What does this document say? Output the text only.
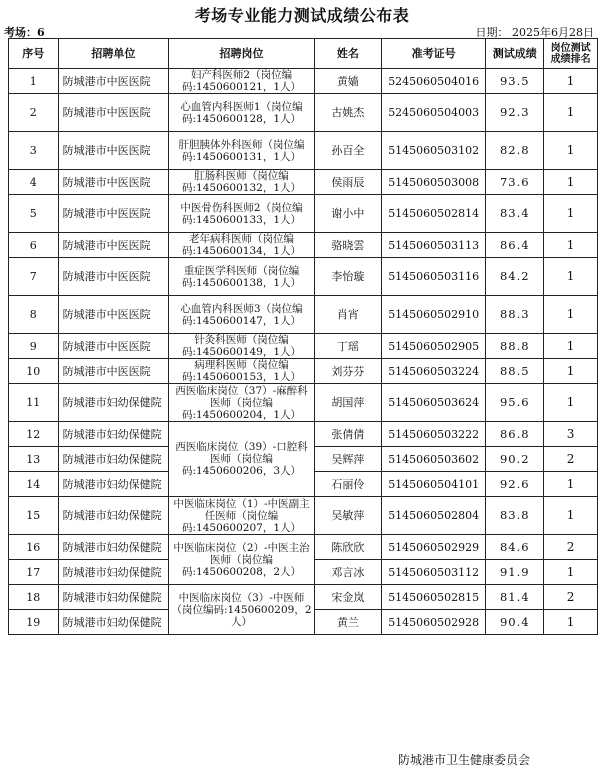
考场专业能力测试成绩公布表
考场：6	日期： 2025年6月28日
序号	招聘单位	招聘岗位	姓名	准考证号	测试成绩	岗位测试成绩排名
1	防城港市中医医院	妇产科医师2（岗位编码:1450600121，1人）	黄嫱	5245060504016	93.5	1
2	防城港市中医医院	心血管内科医师1（岗位编码:1450600128，1人）	古姚杰	5245060504003	92.3	1
3	防城港市中医医院	肝胆胰体外科医师（岗位编码:1450600131，1人）	孙百全	5145060503102	82.8	1
4	防城港市中医医院	肛肠科医师（岗位编码:1450600132，1人）	侯雨辰	5145060503008	73.6	1
5	防城港市中医医院	中医骨伤科医师2（岗位编码:1450600133，1人）	谢小中	5145060502814	83.4	1
6	防城港市中医医院	老年病科医师（岗位编码:1450600134，1人）	骆晓雲	5145060503113	86.4	1
7	防城港市中医医院	重症医学科医师（岗位编码:1450600138，1人）	李怡璇	5145060503116	84.2	1
8	防城港市中医医院	心血管内科医师3（岗位编码:1450600147，1人）	肖宵	5145060502910	88.3	1
9	防城港市中医医院	针灸科医师（岗位编码:1450600149，1人）	丁瑶	5145060502905	88.8	1
10	防城港市中医医院	病理科医师（岗位编码:1450600153，1人）	刘芬芬	5145060503224	88.5	1
11	防城港市妇幼保健院	西医临床岗位（37）-麻醉科医师（岗位编码:1450600204，1人）	胡国萍	5145060503624	95.6	1
12	防城港市妇幼保健院	西医临床岗位（39）-口腔科医师（岗位编码:1450600206，3人）	张倩倩	5145060503222	86.8	3
13	防城港市妇幼保健院		吴辉萍	5145060503602	90.2	2
14	防城港市妇幼保健院		石丽伶	5145060504101	92.6	1
15	防城港市妇幼保健院	中医临床岗位（1）-中医副主任医师（岗位编码:1450600207，1人）	吴敏萍	5145060502804	83.8	1
16	防城港市妇幼保健院	中医临床岗位（2）-中医主治医师（岗位编码:1450600208，2人）	陈欣欣	5145060502929	84.6	2
17	防城港市妇幼保健院		邓言冰	5145060503112	91.9	1
18	防城港市妇幼保健院	中医临床岗位（3）-中医师（岗位编码:1450600209，2人）	宋金岚	5145060502815	81.4	2
19	防城港市妇幼保健院		黄兰	5145060502928	90.4	1
防城港市卫生健康委员会
